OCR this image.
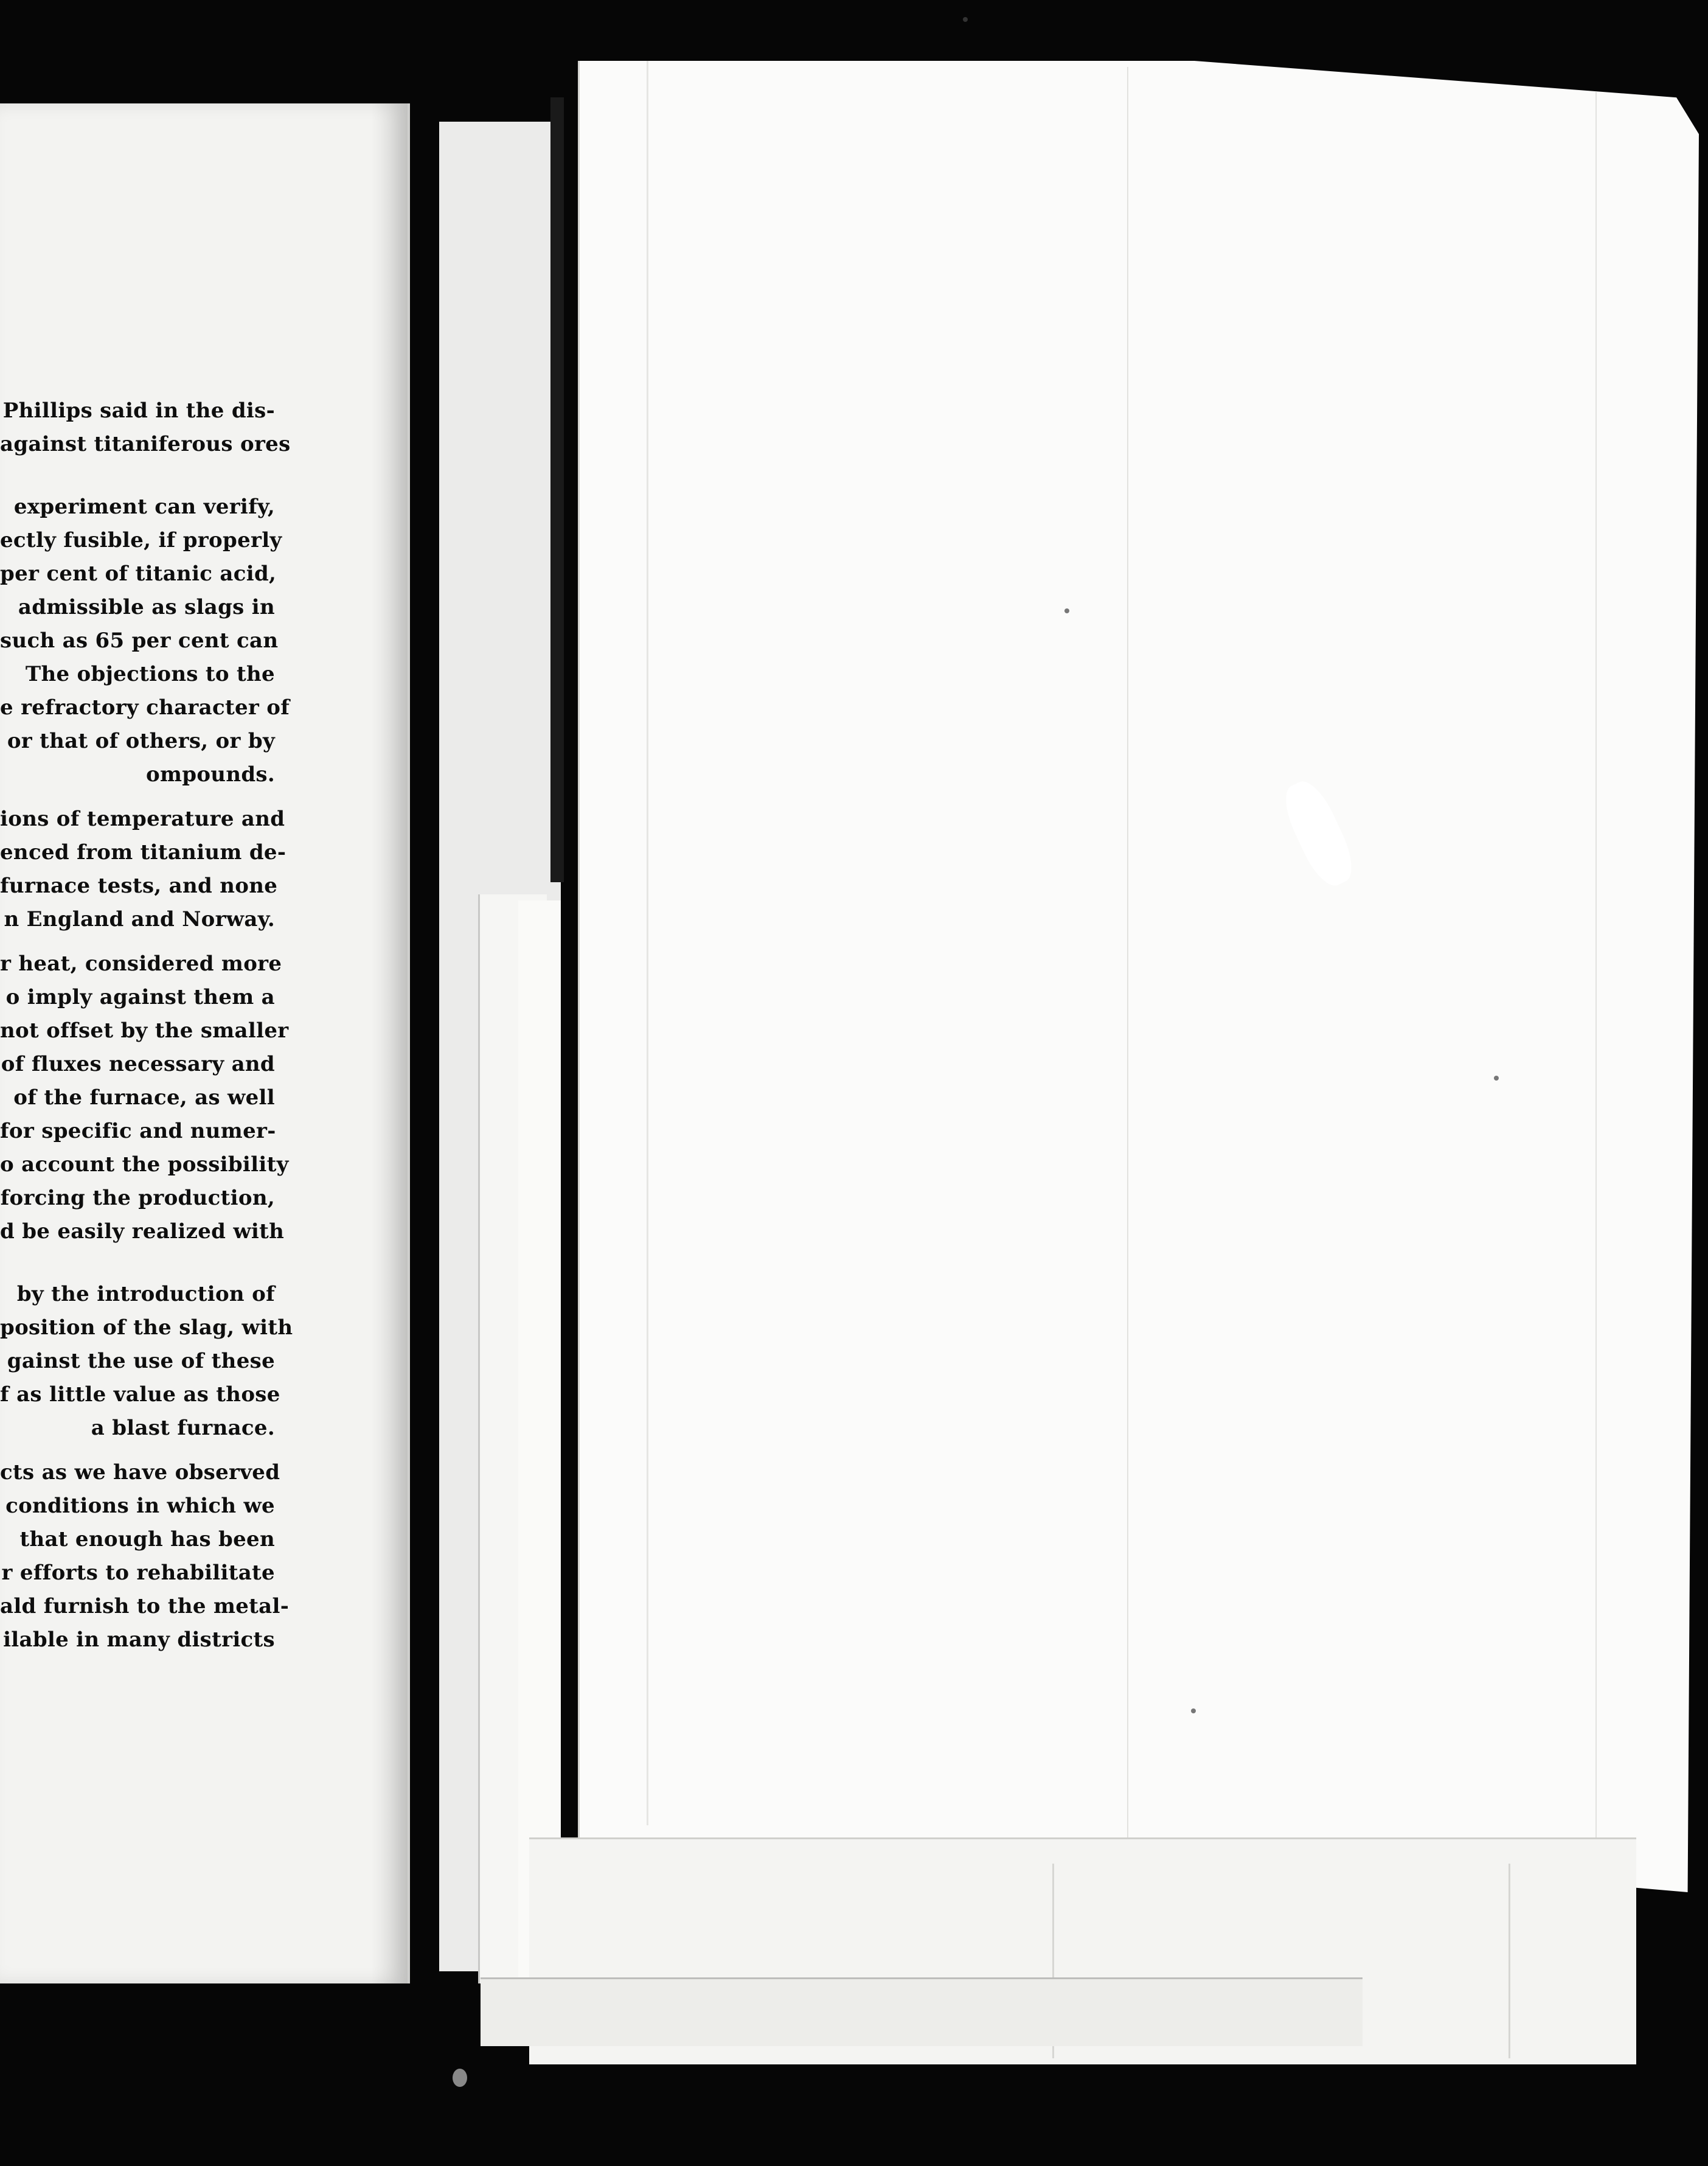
Phillips said in the dis-
against titaniferous ores
experiment can verify,
ectly fusible, if properly
per cent of titanic acid,
admissible as slags in
such as 65 per cent can
The objections to the
e refractory character of
or that of others, or by
ompounds.
ions of temperature and
enced from titanium de-
furnace tests, and none
n England and Norway.
r heat, considered more
o imply against them a
not offset by the smaller
of fluxes necessary and
of the furnace, as well
for specific and numer-
o account the possibility
forcing the production,
d be easily realized with
by the introduction of
position of the slag, with
gainst the use of these
f as little value as those
a blast furnace.
cts as we have observed
conditions in which we
that enough has been
r efforts to rehabilitate
ald furnish to the metal-
ilable in many districts
